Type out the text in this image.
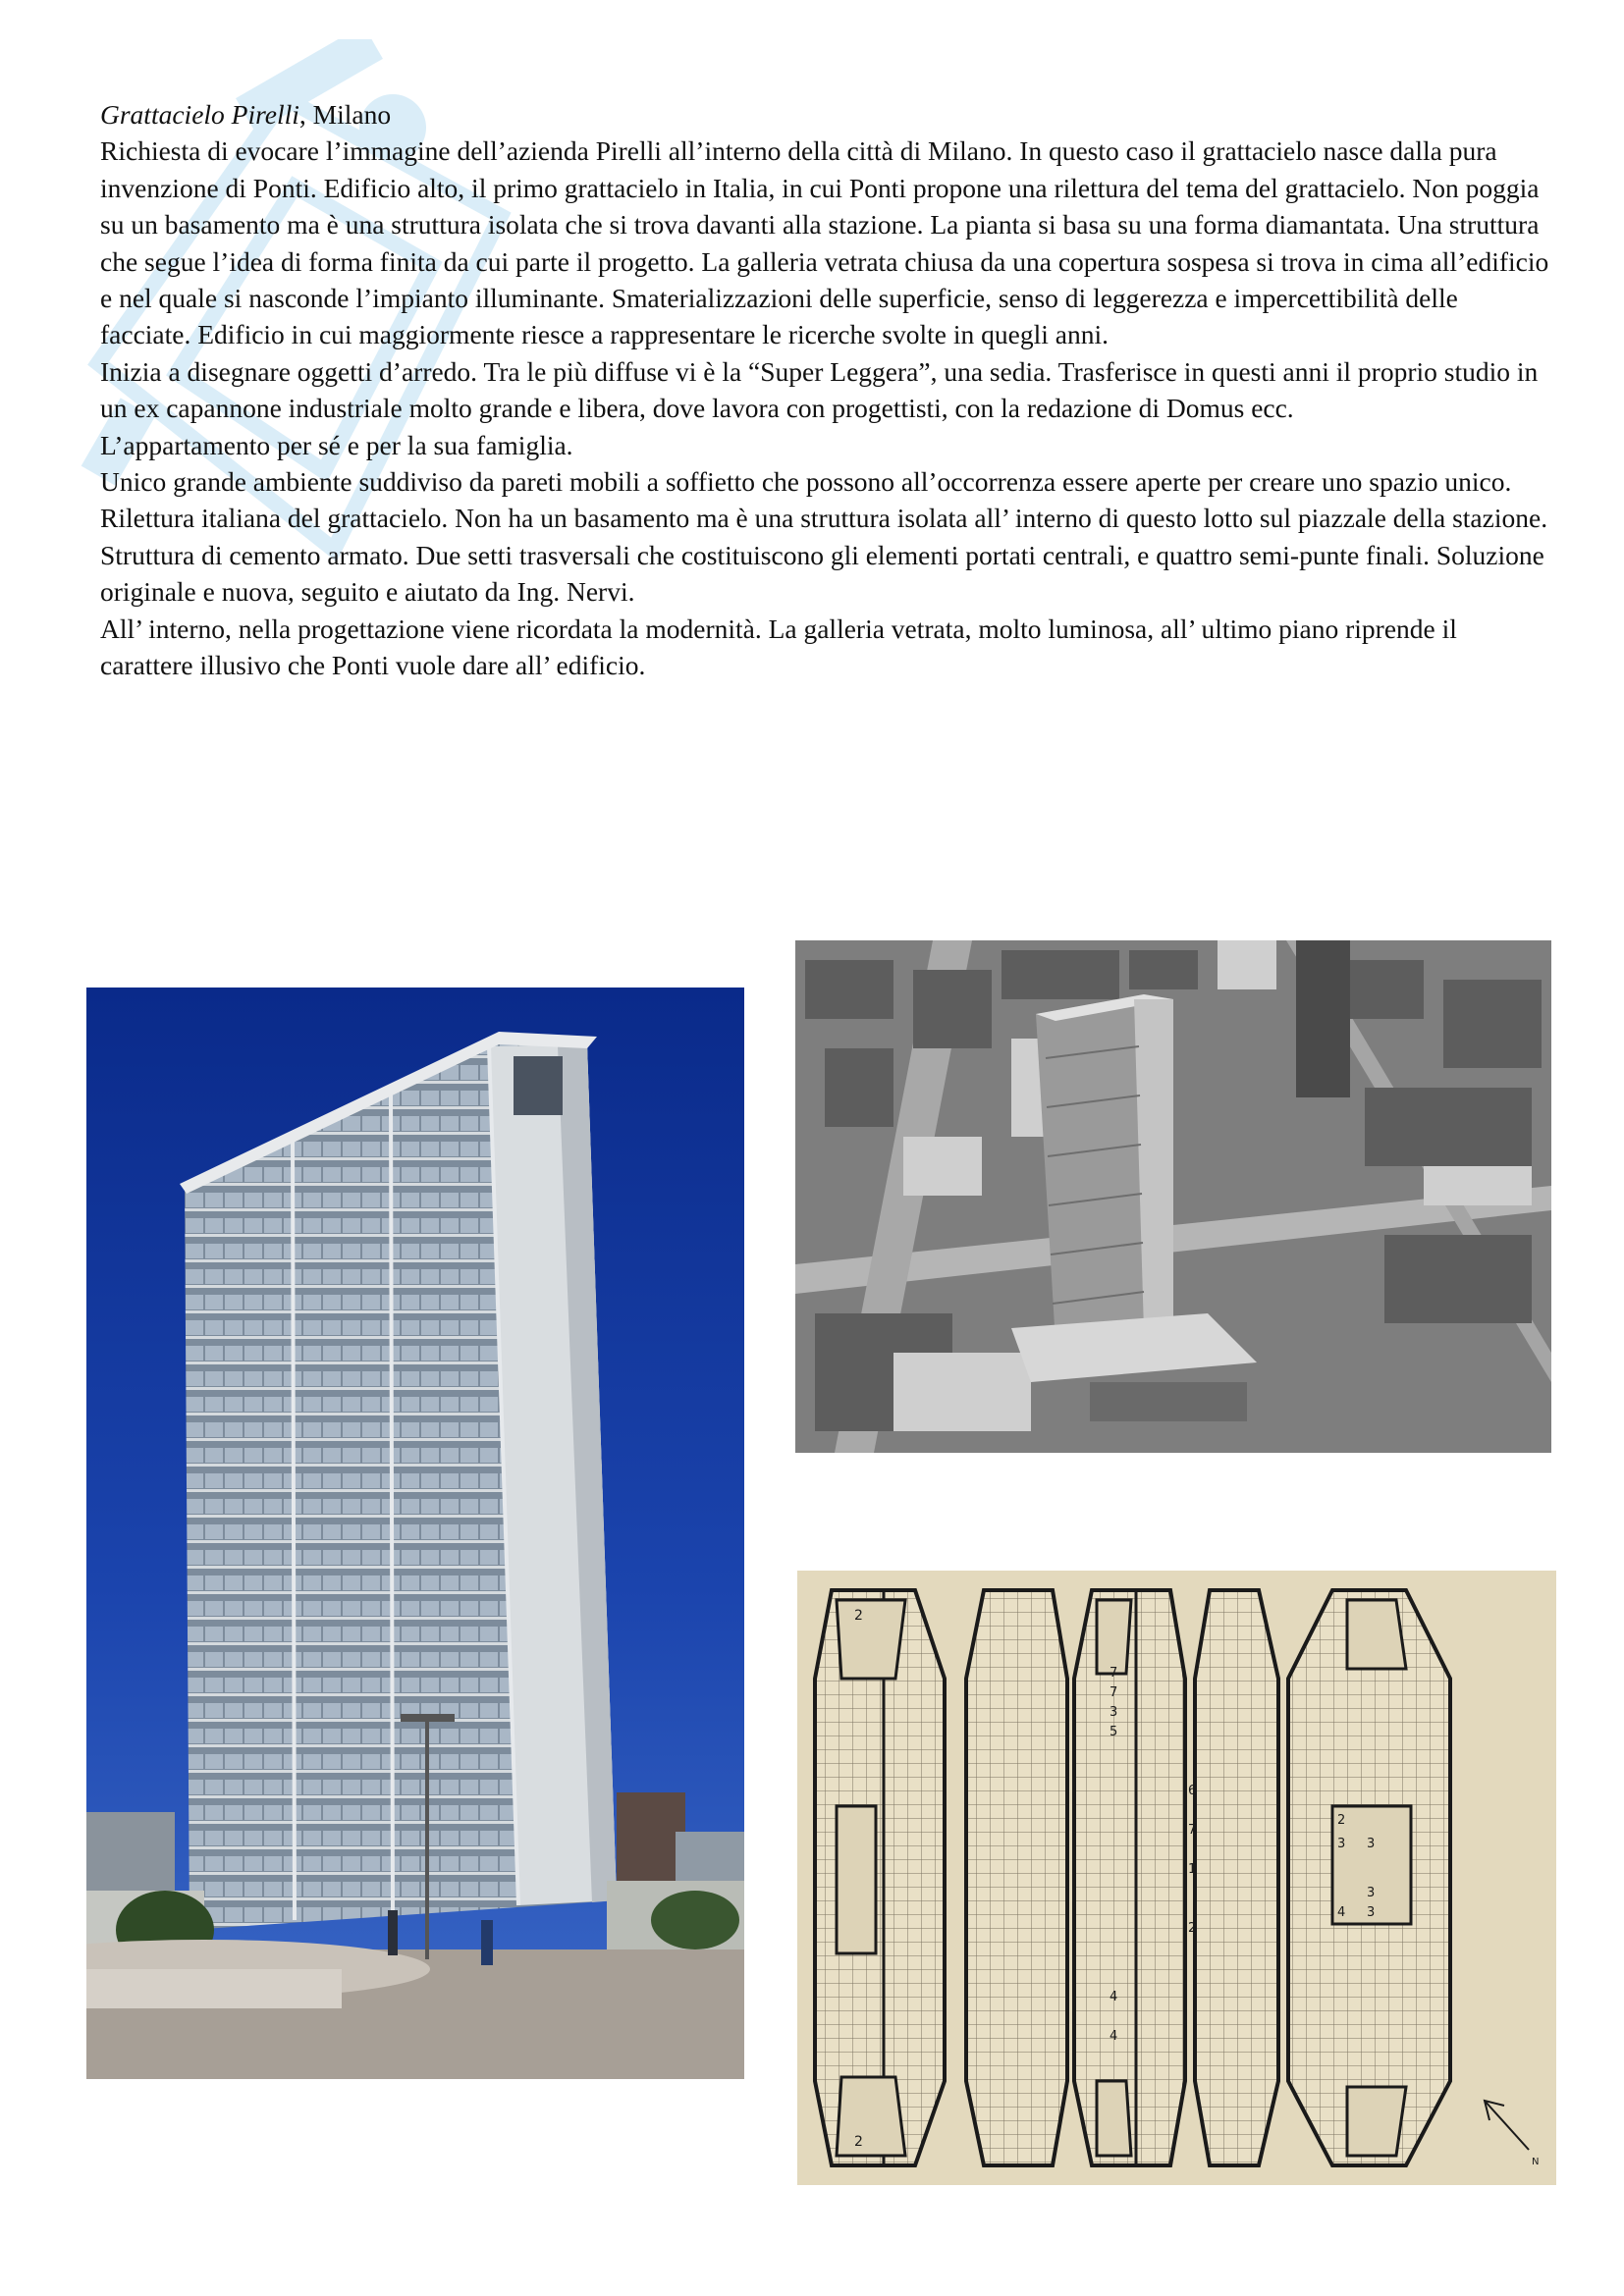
Grattacielo Pirelli, Milano

Richiesta di evocare l’immagine dell’azienda Pirelli all’interno della città di Milano. In questo caso il grattacielo nasce dalla pura invenzione di Ponti. Edificio alto, il primo grattacielo in Italia, in cui Ponti propone una rilettura del tema del grattacielo. Non poggia su un basamento ma è una struttura isolata che si trova davanti alla stazione. La pianta si basa su una forma diamantata. Una struttura che segue l’idea di forma finita da cui parte il progetto. La galleria vetrata chiusa da una copertura sospesa si trova in cima all’edificio e nel quale si nasconde l’impianto illuminante. Smaterializzazioni delle superficie, senso di leggerezza e impercettibilità delle facciate. Edificio in cui maggiormente riesce a rappresentare le ricerche svolte in quegli anni.

Inizia a disegnare oggetti d’arredo. Tra le più diffuse vi è la “Super Leggera”, una sedia. Trasferisce in questi anni il proprio studio in un ex capannone industriale molto grande e libera, dove lavora con progettisti, con la redazione di Domus ecc.

L’appartamento per sé e per la sua famiglia.

Unico grande ambiente suddiviso da pareti mobili a soffietto che possono all’occorrenza essere aperte per creare uno spazio unico.

Rilettura italiana del grattacielo. Non ha un basamento ma è una struttura isolata all’ interno di questo lotto sul piazzale della stazione.

Struttura di cemento armato. Due setti trasversali che costituiscono gli elementi portati centrali, e quattro semi-punte finali. Soluzione originale e nuova, seguito e aiutato da Ing. Nervi.

All’ interno, nella progettazione viene ricordata la modernità. La galleria vetrata, molto luminosa, all’ ultimo piano riprende il carattere illusivo che Ponti vuole dare all’ edificio.

2
2
7
7
3
5
6
7
1
2
4
4
2
3 3
3
4 3
N
